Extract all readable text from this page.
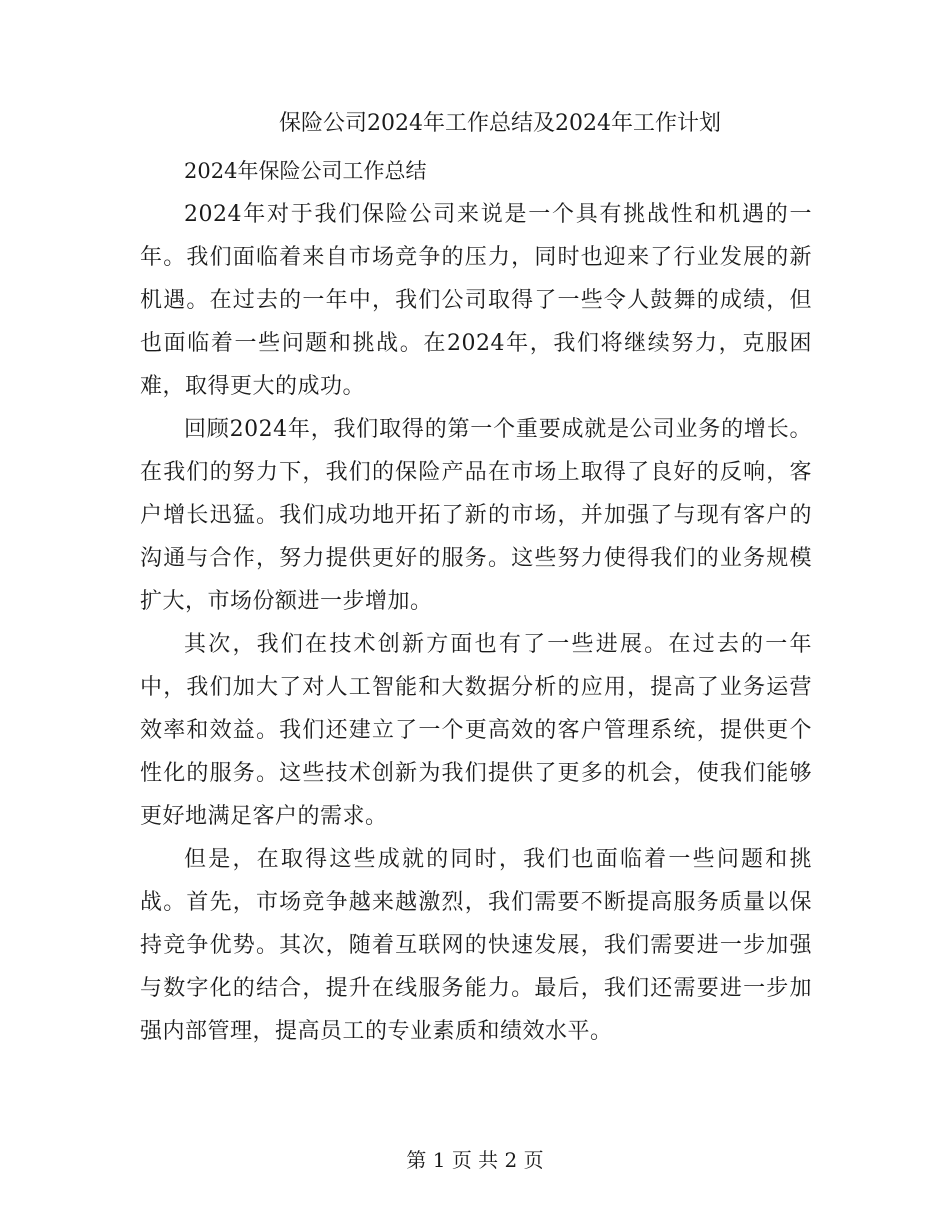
保险公司2024年工作总结及2024年工作计划

2024年保险公司工作总结

2024年对于我们保险公司来说是一个具有挑战性和机遇的一年。我们面临着来自市场竞争的压力，同时也迎来了行业发展的新机遇。在过去的一年中，我们公司取得了一些令人鼓舞的成绩，但也面临着一些问题和挑战。在2024年，我们将继续努力，克服困难，取得更大的成功。

回顾2024年，我们取得的第一个重要成就是公司业务的增长。在我们的努力下，我们的保险产品在市场上取得了良好的反响，客户增长迅猛。我们成功地开拓了新的市场，并加强了与现有客户的沟通与合作，努力提供更好的服务。这些努力使得我们的业务规模扩大，市场份额进一步增加。

其次，我们在技术创新方面也有了一些进展。在过去的一年中，我们加大了对人工智能和大数据分析的应用，提高了业务运营效率和效益。我们还建立了一个更高效的客户管理系统，提供更个性化的服务。这些技术创新为我们提供了更多的机会，使我们能够更好地满足客户的需求。

但是，在取得这些成就的同时，我们也面临着一些问题和挑战。首先，市场竞争越来越激烈，我们需要不断提高服务质量以保持竞争优势。其次，随着互联网的快速发展，我们需要进一步加强与数字化的结合，提升在线服务能力。最后，我们还需要进一步加强内部管理，提高员工的专业素质和绩效水平。

第 1 页 共 2 页
